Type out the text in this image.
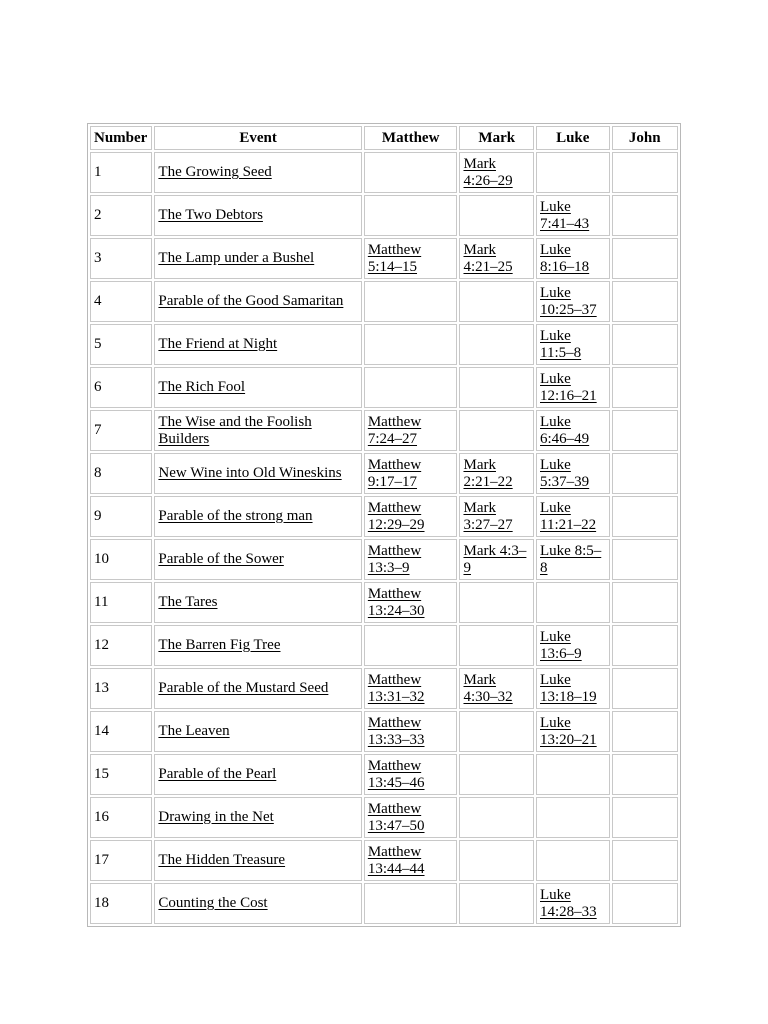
Number	Event	Matthew	Mark	Luke	John
1	The Growing Seed		Mark 4:26–29		
2	The Two Debtors			Luke 7:41–43	
3	The Lamp under a Bushel	Matthew 5:14–15	Mark 4:21–25	Luke 8:16–18	
4	Parable of the Good Samaritan			Luke 10:25–37	
5	The Friend at Night			Luke 11:5–8	
6	The Rich Fool			Luke 12:16–21	
7	The Wise and the Foolish Builders	Matthew 7:24–27		Luke 6:46–49	
8	New Wine into Old Wineskins	Matthew 9:17–17	Mark 2:21–22	Luke 5:37–39	
9	Parable of the strong man	Matthew 12:29–29	Mark 3:27–27	Luke 11:21–22	
10	Parable of the Sower	Matthew 13:3–9	Mark 4:3–9	Luke 8:5–8	
11	The Tares	Matthew 13:24–30			
12	The Barren Fig Tree			Luke 13:6–9	
13	Parable of the Mustard Seed	Matthew 13:31–32	Mark 4:30–32	Luke 13:18–19	
14	The Leaven	Matthew 13:33–33		Luke 13:20–21	
15	Parable of the Pearl	Matthew 13:45–46			
16	Drawing in the Net	Matthew 13:47–50			
17	The Hidden Treasure	Matthew 13:44–44			
18	Counting the Cost			Luke 14:28–33	
